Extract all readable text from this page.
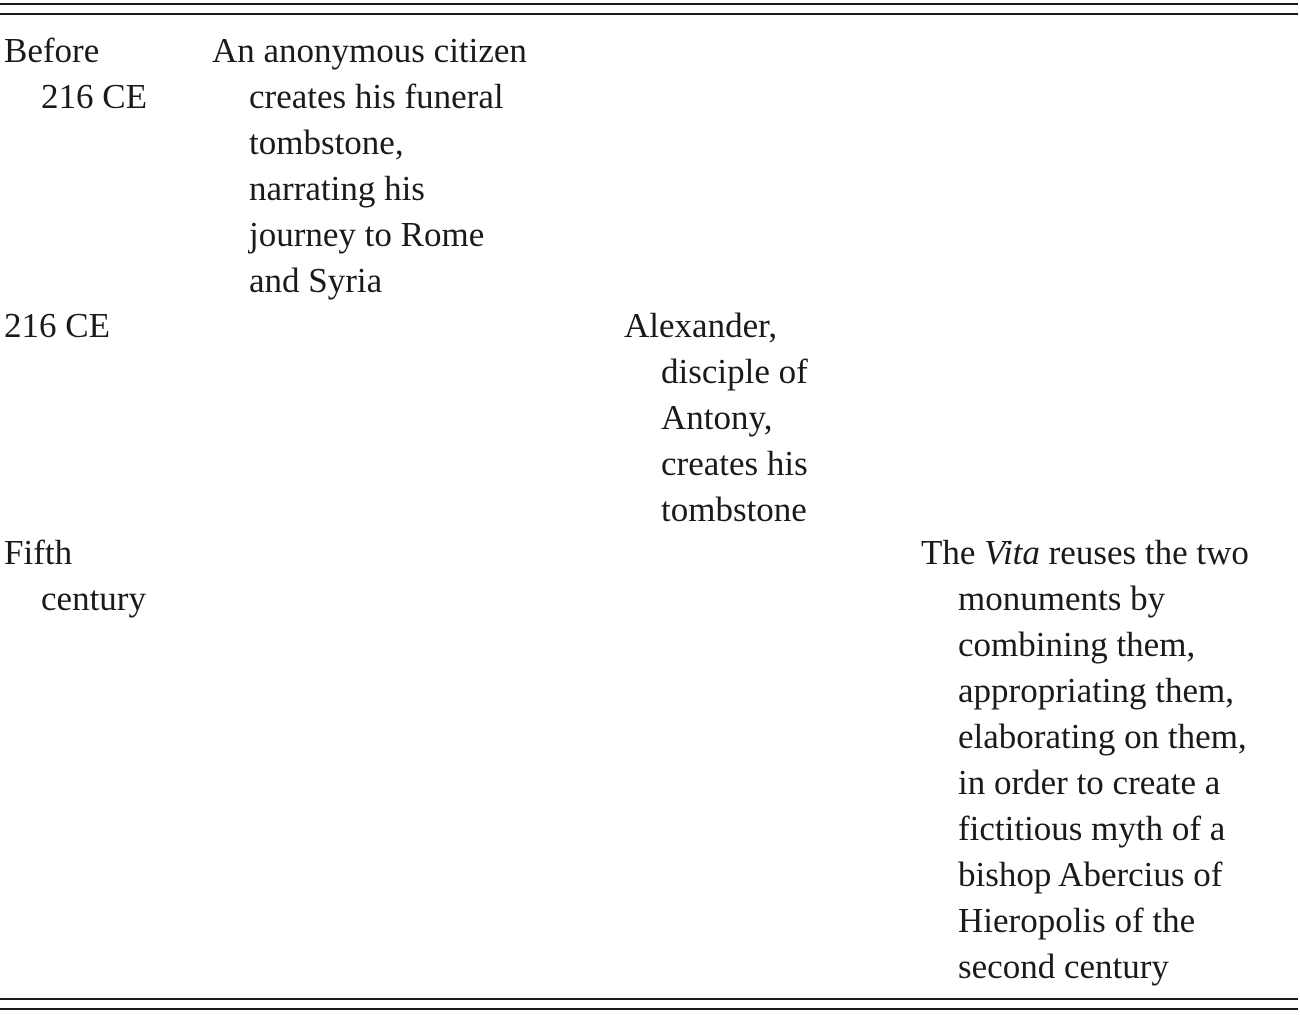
Before
216 CE
An anonymous citizen
creates his funeral
tombstone,
narrating his
journey to Rome
and Syria
216 CE	Alexander,
disciple of
Antony,
creates his
tombstone
Fifth
century
The Vita reuses the two
monuments by
combining them,
appropriating them,
elaborating on them,
in order to create a
fictitious myth of a
bishop Abercius of
Hieropolis of the
second century
